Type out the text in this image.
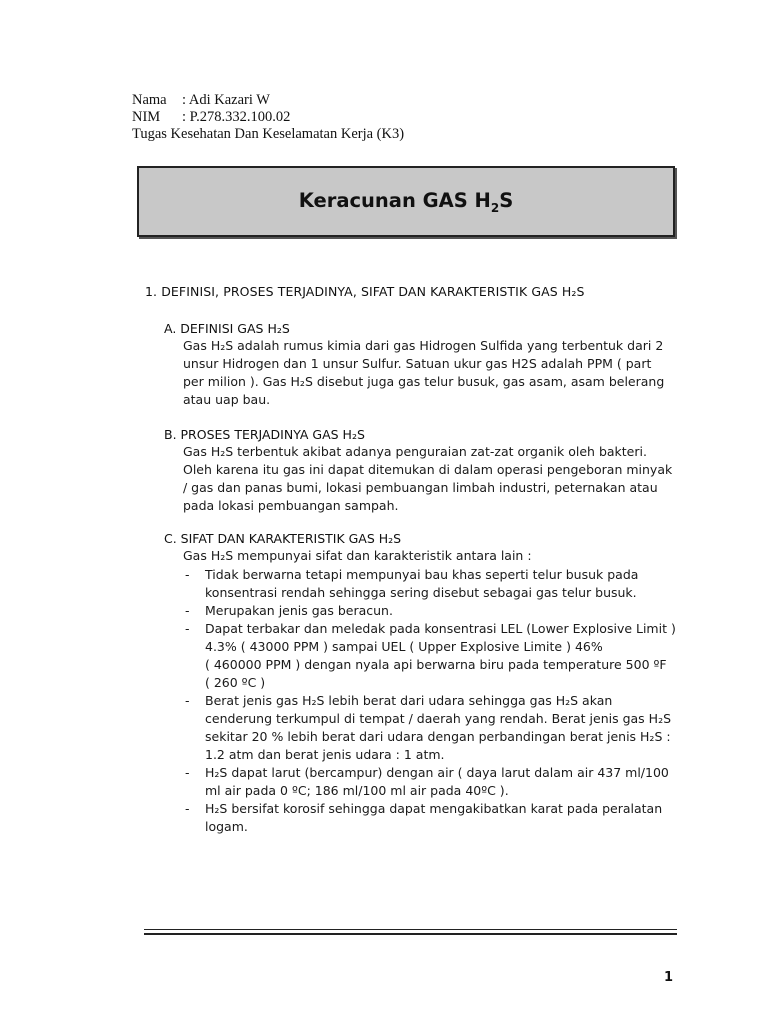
Nama : Adi Kazari W
NIM : P.278.332.100.02
Tugas Kesehatan Dan Keselamatan Kerja (K3)
Keracunan GAS $H_2S$
1. DEFINISI, PROSES TERJADINYA, SIFAT DAN KARAKTERISTIK GAS H₂S
A. DEFINISI GAS H₂S
Gas H₂S adalah rumus kimia dari gas Hidrogen Sulfida yang terbentuk dari 2
unsur Hidrogen dan 1 unsur Sulfur. Satuan ukur gas H2S adalah PPM ( part
per milion ). Gas H₂S disebut juga gas telur busuk, gas asam, asam belerang
atau uap bau.
B. PROSES TERJADINYA GAS H₂S
Gas H₂S terbentuk akibat adanya penguraian zat-zat organik oleh bakteri.
Oleh karena itu gas ini dapat ditemukan di dalam operasi pengeboran minyak
/ gas dan panas bumi, lokasi pembuangan limbah industri, peternakan atau
pada lokasi pembuangan sampah.
C. SIFAT DAN KARAKTERISTIK GAS H₂S
Gas H₂S mempunyai sifat dan karakteristik antara lain :
- Tidak berwarna tetapi mempunyai bau khas seperti telur busuk pada
konsentrasi rendah sehingga sering disebut sebagai gas telur busuk.
- Merupakan jenis gas beracun.
- Dapat terbakar dan meledak pada konsentrasi LEL (Lower Explosive Limit )
4.3% ( 43000 PPM ) sampai UEL ( Upper Explosive Limite ) 46%
( 460000 PPM ) dengan nyala api berwarna biru pada temperature 500 ºF
( 260 ºC )
- Berat jenis gas H₂S lebih berat dari udara sehingga gas H₂S akan
cenderung terkumpul di tempat / daerah yang rendah. Berat jenis gas H₂S
sekitar 20 % lebih berat dari udara dengan perbandingan berat jenis H₂S :
1.2 atm dan berat jenis udara : 1 atm.
- H₂S dapat larut (bercampur) dengan air ( daya larut dalam air 437 ml/100
ml air pada 0 ºC; 186 ml/100 ml air pada 40ºC ).
- H₂S bersifat korosif sehingga dapat mengakibatkan karat pada peralatan
logam.
1
